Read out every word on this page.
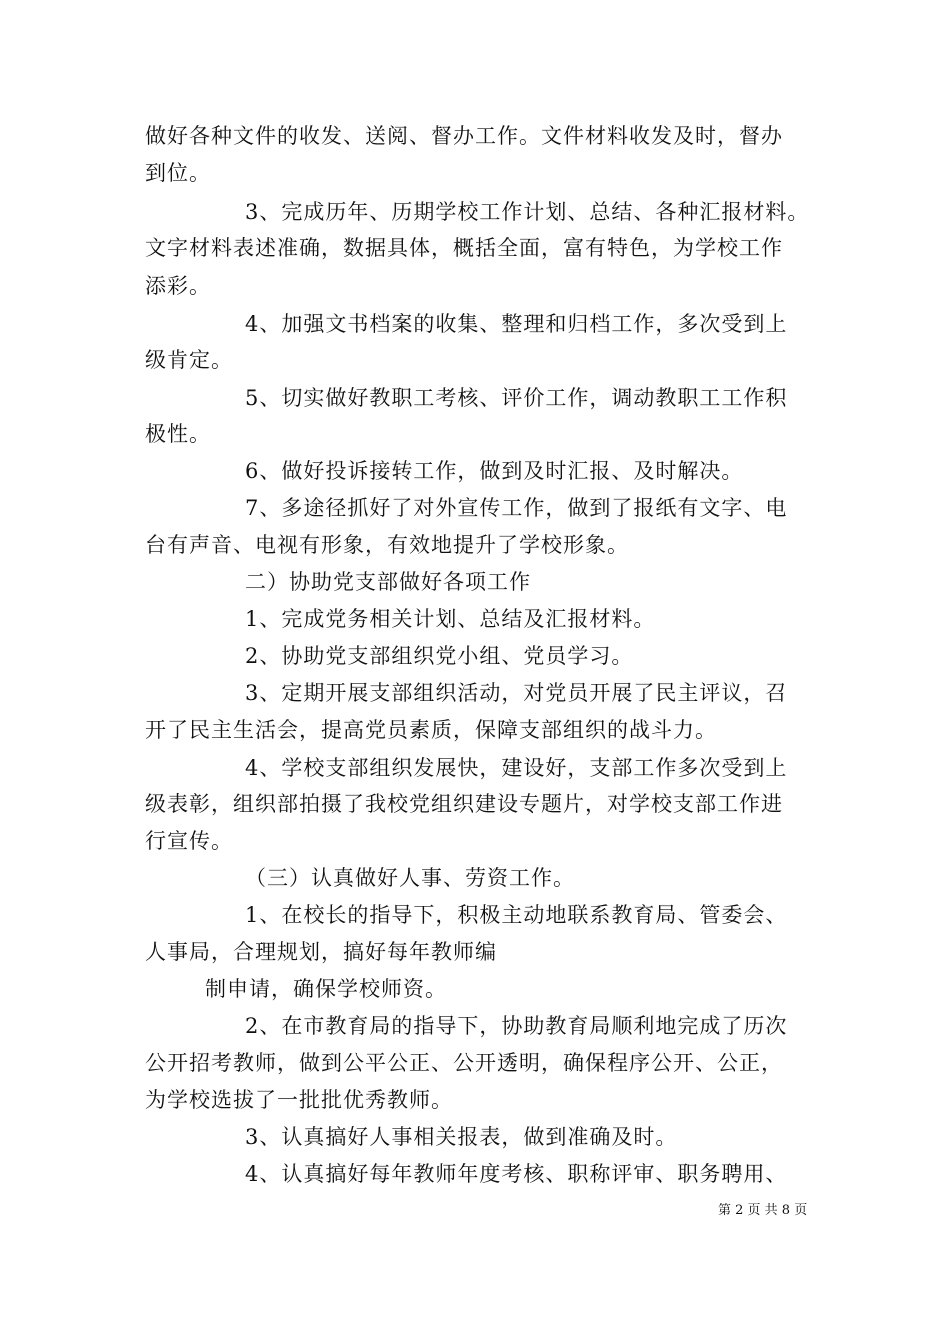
做好各种文件的收发、送阅、督办工作。文件材料收发及时，督办
到位。
3、完成历年、历期学校工作计划、总结、各种汇报材料。
文字材料表述准确，数据具体，概括全面，富有特色，为学校工作
添彩。
4、加强文书档案的收集、整理和归档工作，多次受到上
级肯定。
5、切实做好教职工考核、评价工作，调动教职工工作积
极性。
6、做好投诉接转工作，做到及时汇报、及时解决。
7、多途径抓好了对外宣传工作，做到了报纸有文字、电
台有声音、电视有形象，有效地提升了学校形象。
二）协助党支部做好各项工作
1、完成党务相关计划、总结及汇报材料。
2、协助党支部组织党小组、党员学习。
3、定期开展支部组织活动，对党员开展了民主评议，召
开了民主生活会，提高党员素质，保障支部组织的战斗力。
4、学校支部组织发展快，建设好，支部工作多次受到上
级表彰，组织部拍摄了我校党组织建设专题片，对学校支部工作进
行宣传。
（三）认真做好人事、劳资工作。
1、在校长的指导下，积极主动地联系教育局、管委会、
人事局，合理规划，搞好每年教师编
制申请，确保学校师资。
2、在市教育局的指导下，协助教育局顺利地完成了历次
公开招考教师，做到公平公正、公开透明，确保程序公开、公正，
为学校选拔了一批批优秀教师。
3、认真搞好人事相关报表，做到准确及时。
4、认真搞好每年教师年度考核、职称评审、职务聘用、
第 2 页 共 8 页
